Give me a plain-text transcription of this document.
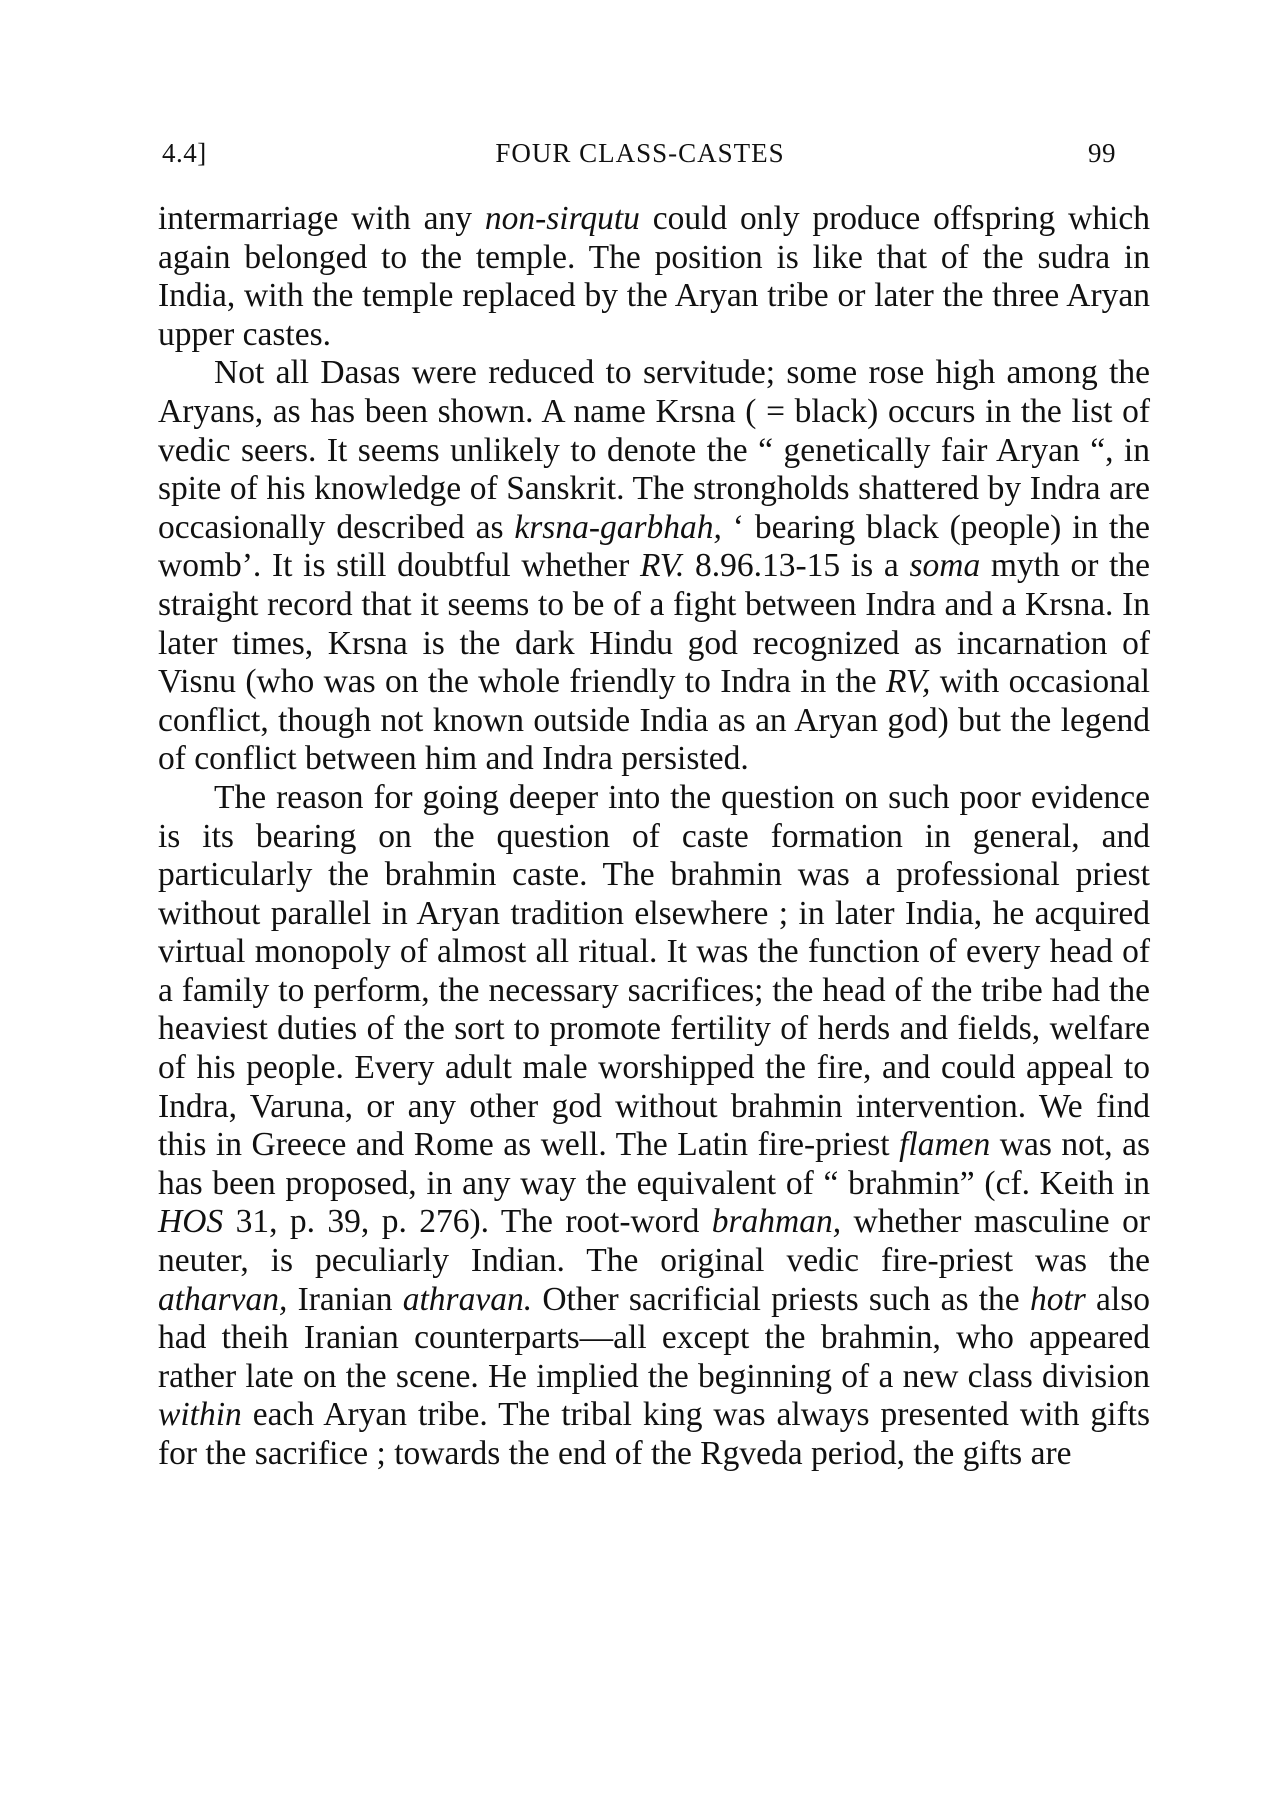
4.4]	FOUR CLASS-CASTES	99

intermarriage with any non-sirqutu could only produce offspring which again belonged to the temple. The position is like that of the sudra in India, with the temple replaced by the Aryan tribe or later the three Aryan upper castes.

Not all Dasas were reduced to servitude; some rose high among the Aryans, as has been shown. A name Krsna ( = black) occurs in the list of vedic seers. It seems unlikely to denote the “ genetically fair Aryan “, in spite of his knowledge of Sanskrit. The strongholds shattered by Indra are occasionally described as krsna-garbhah, ‘ bearing black (people) in the womb’. It is still doubtful whether RV. 8.96.13-15 is a soma myth or the straight record that it seems to be of a fight between Indra and a Krsna. In later times, Krsna is the dark Hindu god recognized as incarnation of Visnu (who was on the whole friendly to Indra in the RV, with occasional conflict, though not known outside India as an Aryan god) but the legend of conflict between him and Indra persisted.

The reason for going deeper into the question on such poor evidence is its bearing on the question of caste formation in general, and particularly the brahmin caste. The brahmin was a professional priest without parallel in Aryan tradition elsewhere ; in later India, he acquired virtual monopoly of almost all ritual. It was the function of every head of a family to perform, the necessary sacrifices; the head of the tribe had the heaviest duties of the sort to promote fertility of herds and fields, welfare of his people. Every adult male worshipped the fire, and could appeal to Indra, Varuna, or any other god without brahmin intervention. We find this in Greece and Rome as well. The Latin fire-priest flamen was not, as has been proposed, in any way the equivalent of “ brahmin” (cf. Keith in HOS 31, p. 39, p. 276). The root-word brahman, whether masculine or neuter, is peculiarly Indian. The original vedic fire-priest was the atharvan, Iranian athravan. Other sacrificial priests such as the hotr also had theih Iranian counterparts—all except the brahmin, who appeared rather late on the scene. He implied the beginning of a new class division within each Aryan tribe. The tribal king was always presented with gifts for the sacrifice ; towards the end of the Rgveda period, the gifts are
